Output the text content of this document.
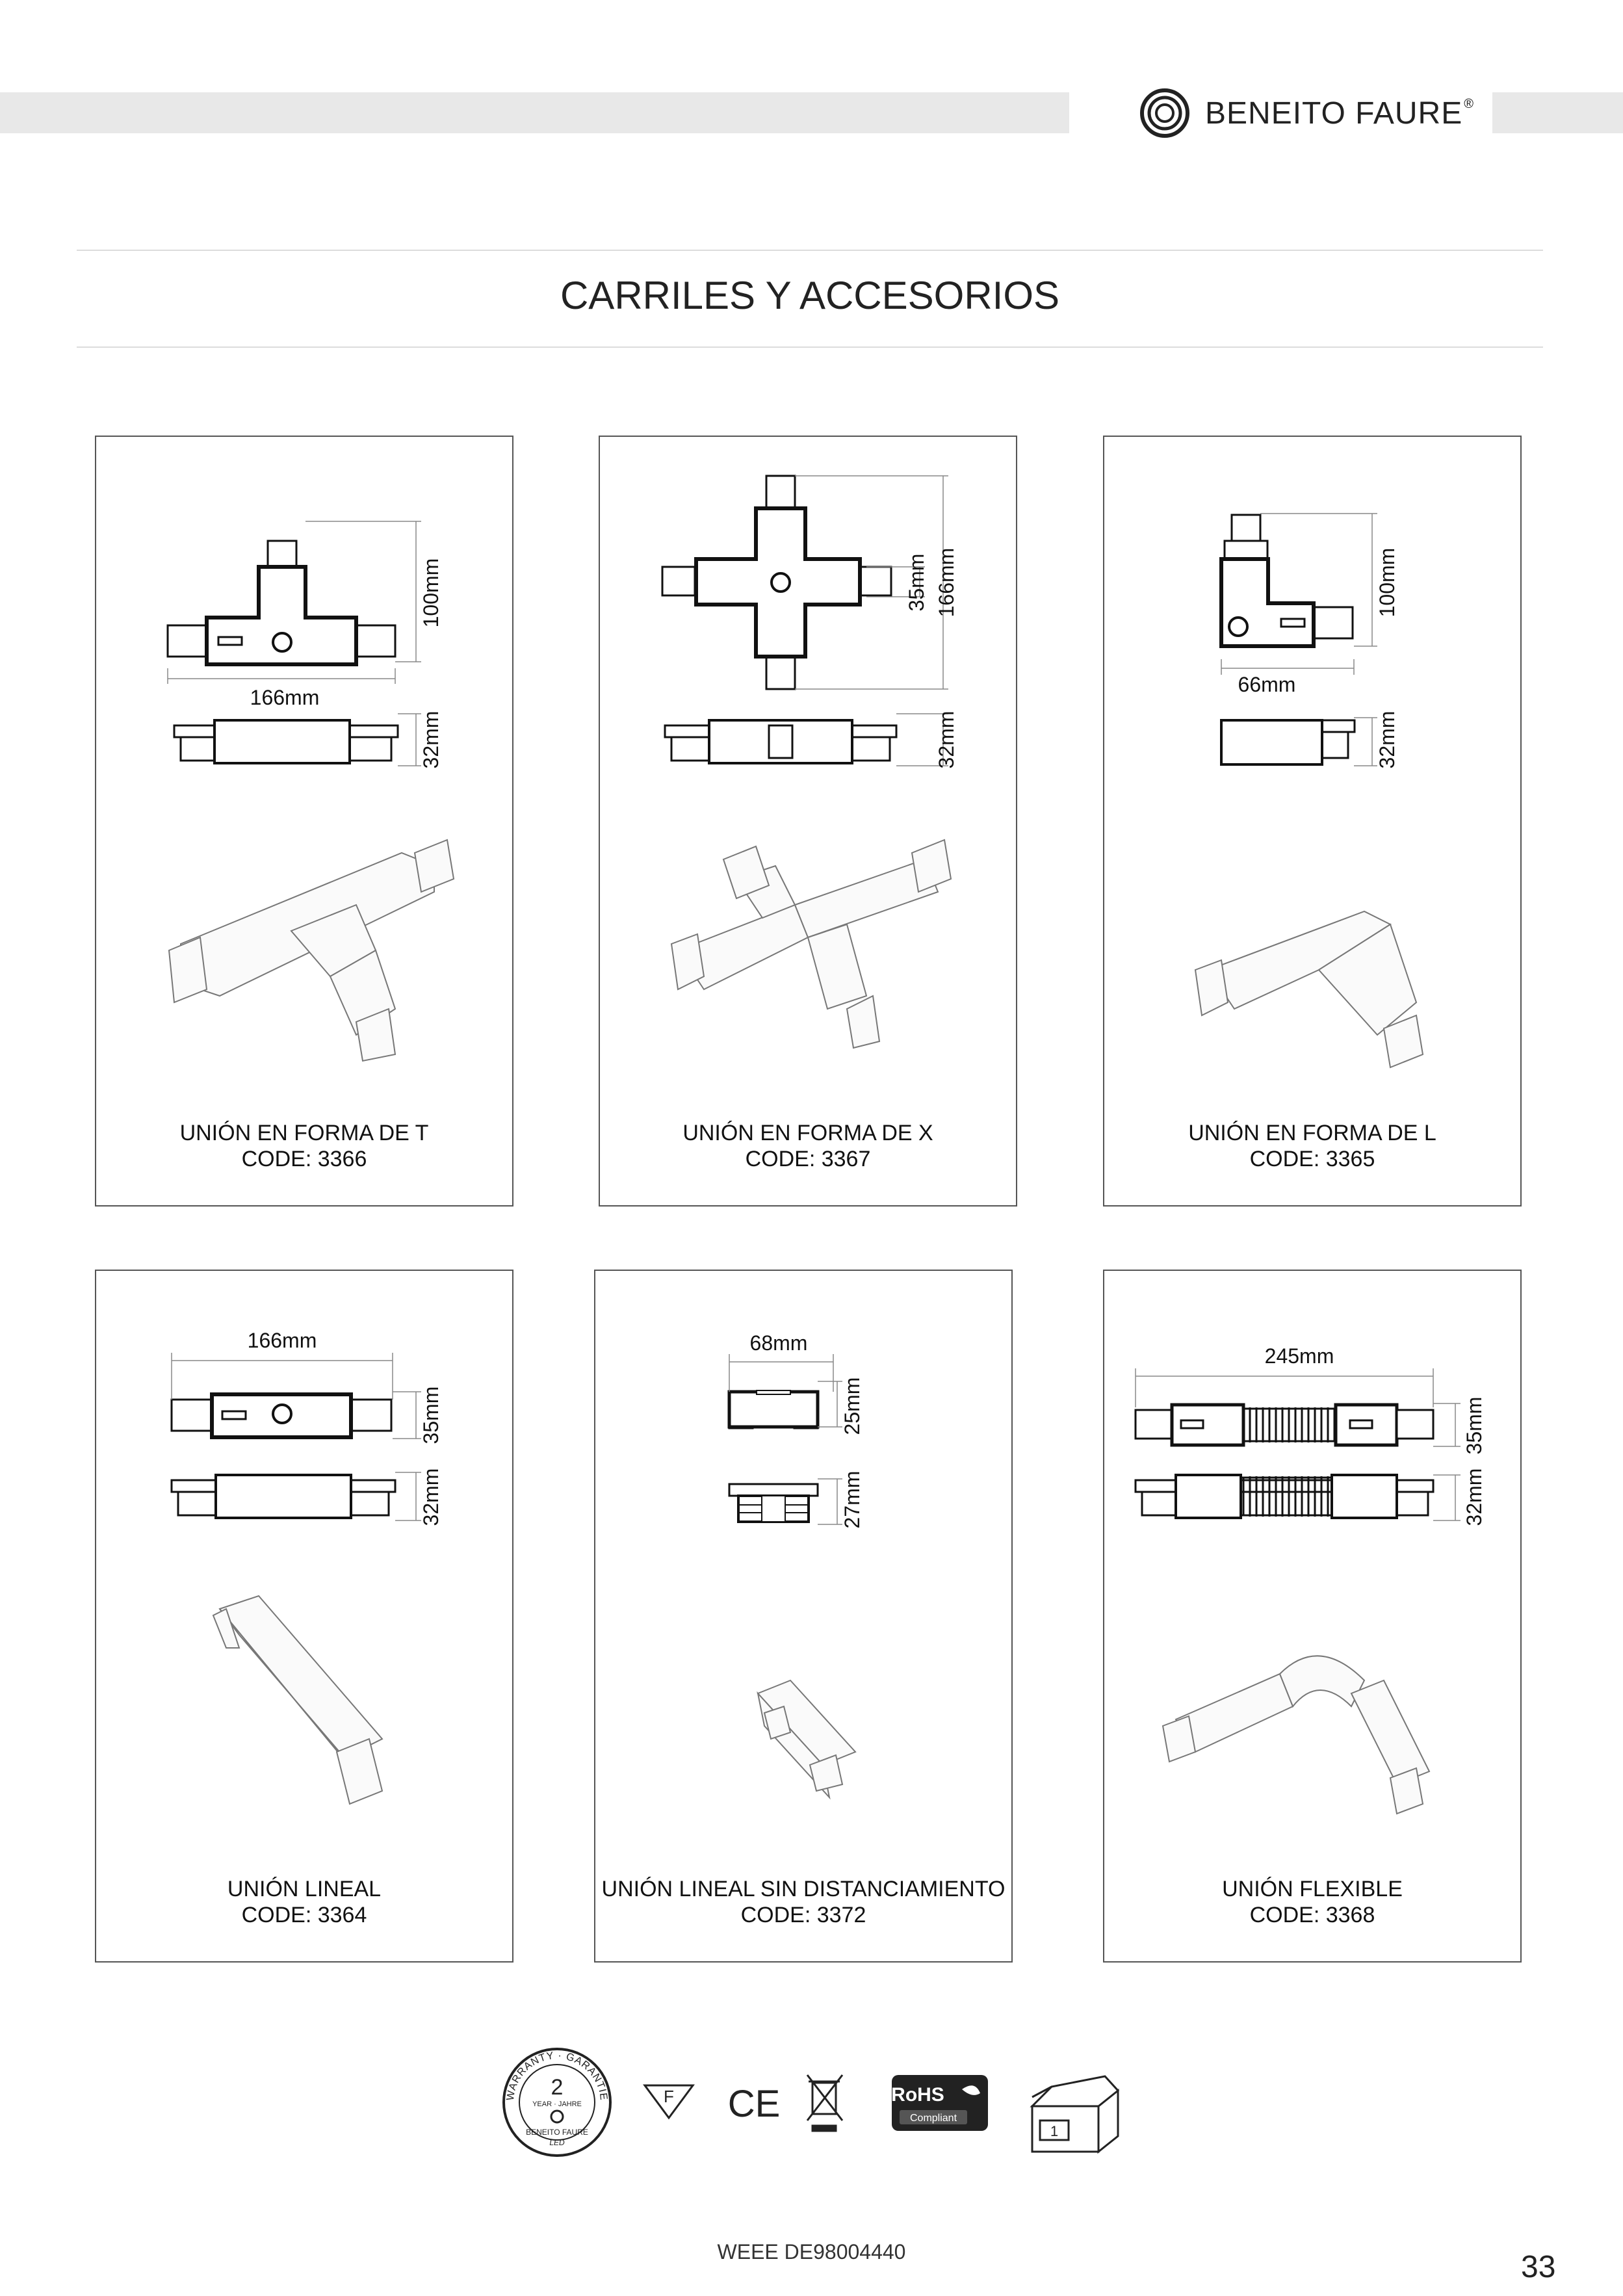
BENEITO FAURE ®
CARRILES Y ACCESORIOS
166mm
100mm
32mm
UNIÓN EN FORMA DE T
CODE: 3366
35mm 166mm
32mm
UNIÓN EN FORMA DE X
CODE: 3367
66mm
100mm
32mm
UNIÓN EN FORMA DE L
CODE: 3365
166mm
35mm
32mm
UNIÓN LINEAL
CODE: 3364
68mm
25mm
27mm
UNIÓN LINEAL SIN DISTANCIAMIENTO
CODE: 3372
245mm
35mm
32mm
UNIÓN FLEXIBLE
CODE: 3368
WARRANTY · GARANTIE
2
YEAR · JAHRE
BENEITO FAURE
LED
F CE	RoHS
Compliant
1
WEEE DE98004440	33
